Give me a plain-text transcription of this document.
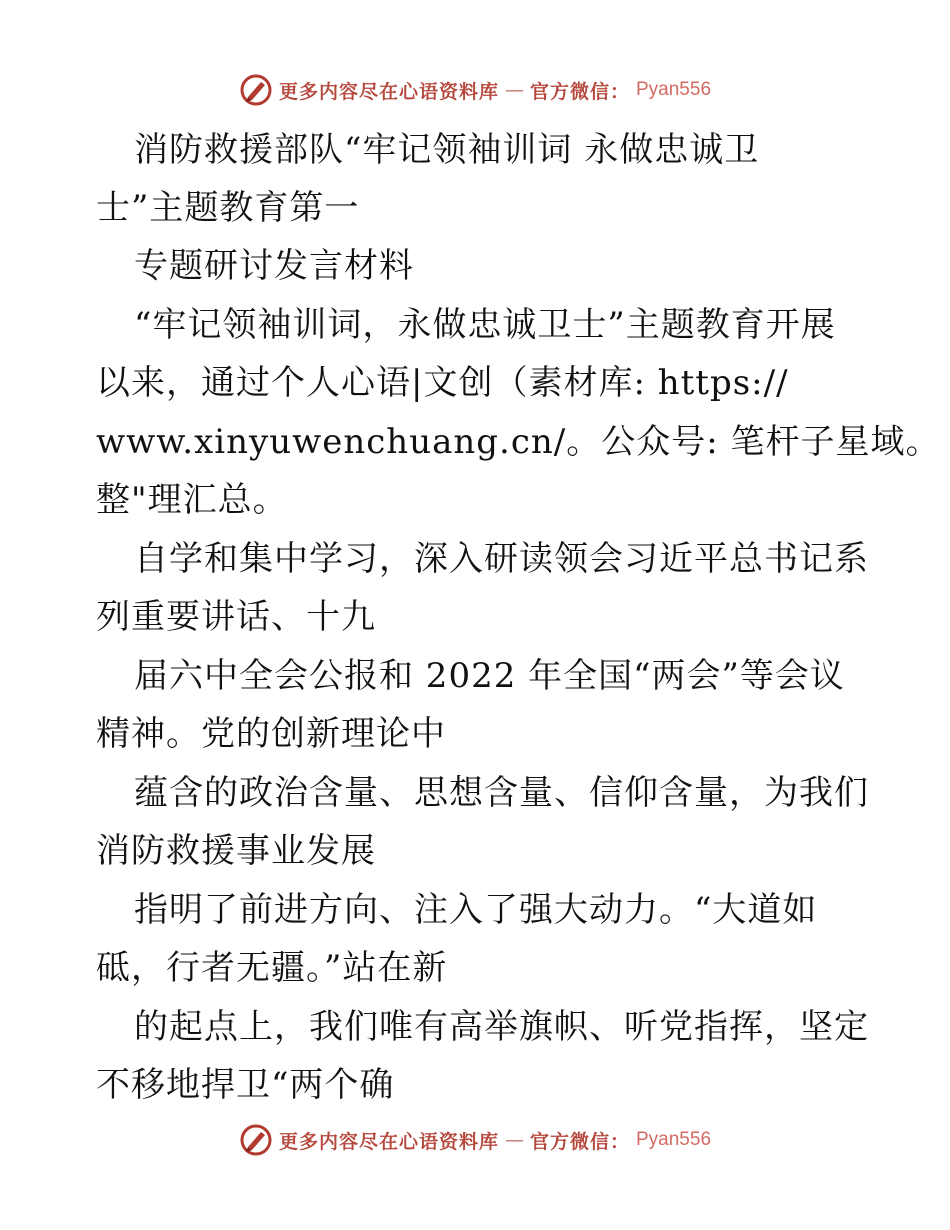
更多内容尽在心语资料库 — 官方微信： Pyan556
消防救援部队“牢记领袖训词 永做忠诚卫
士”主题教育第一
专题研讨发言材料
“牢记领袖训词，永做忠诚卫士”主题教育开展
以来，通过个人心语|文创（素材库: https://
www.xinyuwenchuang.cn/。公众号: 笔杆子星域。
整"理汇总。
自学和集中学习，深入研读领会习近平总书记系
列重要讲话、十九
届六中全会公报和 2022 年全国“两会”等会议
精神。党的创新理论中
蕴含的政治含量、思想含量、信仰含量，为我们
消防救援事业发展
指明了前进方向、注入了强大动力。“大道如
砥，行者无疆。”站在新
的起点上，我们唯有高举旗帜、听党指挥，坚定
不移地捍卫“两个确
更多内容尽在心语资料库 — 官方微信： Pyan556
